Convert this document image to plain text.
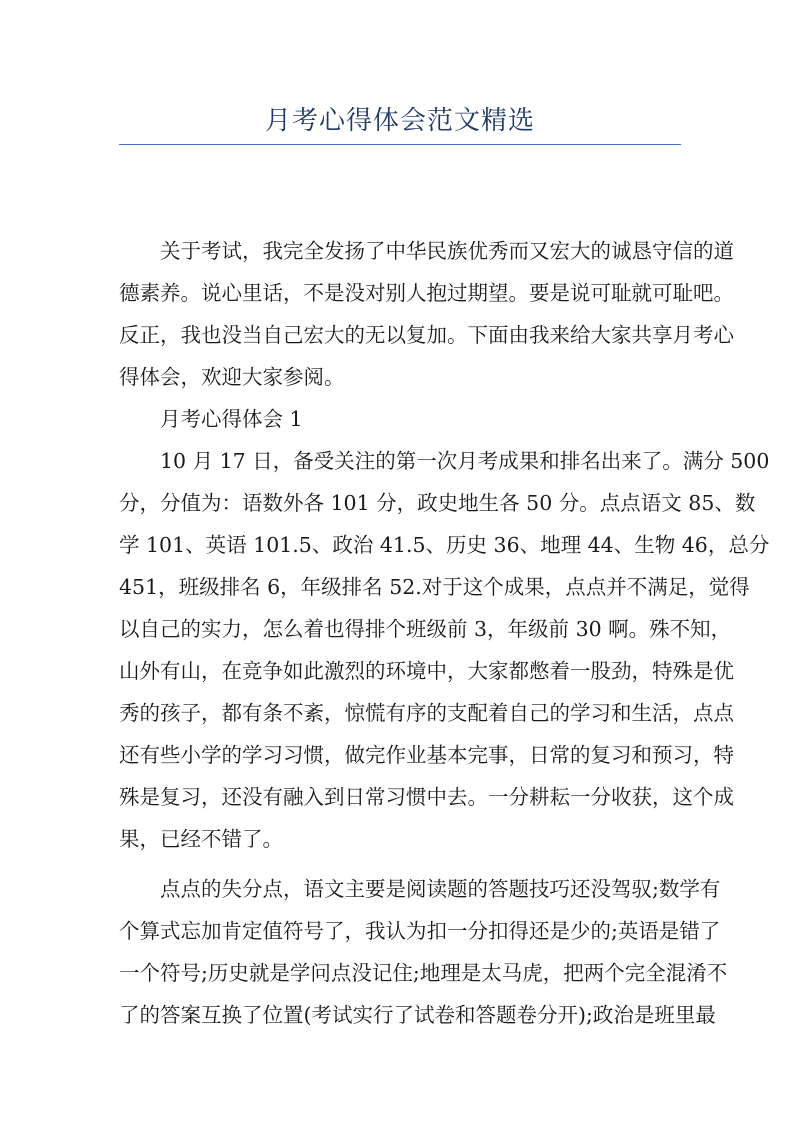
月考心得体会范文精选

关于考试，我完全发扬了中华民族优秀而又宏大的诚恳守信的道
德素养。说心里话，不是没对别人抱过期望。要是说可耻就可耻吧。
反正，我也没当自己宏大的无以复加。下面由我来给大家共享月考心
得体会，欢迎大家参阅。

月考心得体会 1

10 月 17 日，备受关注的第一次月考成果和排名出来了。满分 500
分，分值为：语数外各 101 分，政史地生各 50 分。点点语文 85、数
学 101、英语 101.5、政治 41.5、历史 36、地理 44、生物 46，总分
451，班级排名 6，年级排名 52.对于这个成果，点点并不满足，觉得
以自己的实力，怎么着也得排个班级前 3，年级前 30 啊。殊不知，
山外有山，在竞争如此激烈的环境中，大家都憋着一股劲，特殊是优
秀的孩子，都有条不紊，惊慌有序的支配着自己的学习和生活，点点
还有些小学的学习习惯，做完作业基本完事，日常的复习和预习，特
殊是复习，还没有融入到日常习惯中去。一分耕耘一分收获，这个成
果，已经不错了。

点点的失分点，语文主要是阅读题的答题技巧还没驾驭;数学有
个算式忘加肯定值符号了，我认为扣一分扣得还是少的;英语是错了
一个符号;历史就是学问点没记住;地理是太马虎，把两个完全混淆不
了的答案互换了位置(考试实行了试卷和答题卷分开);政治是班里最
